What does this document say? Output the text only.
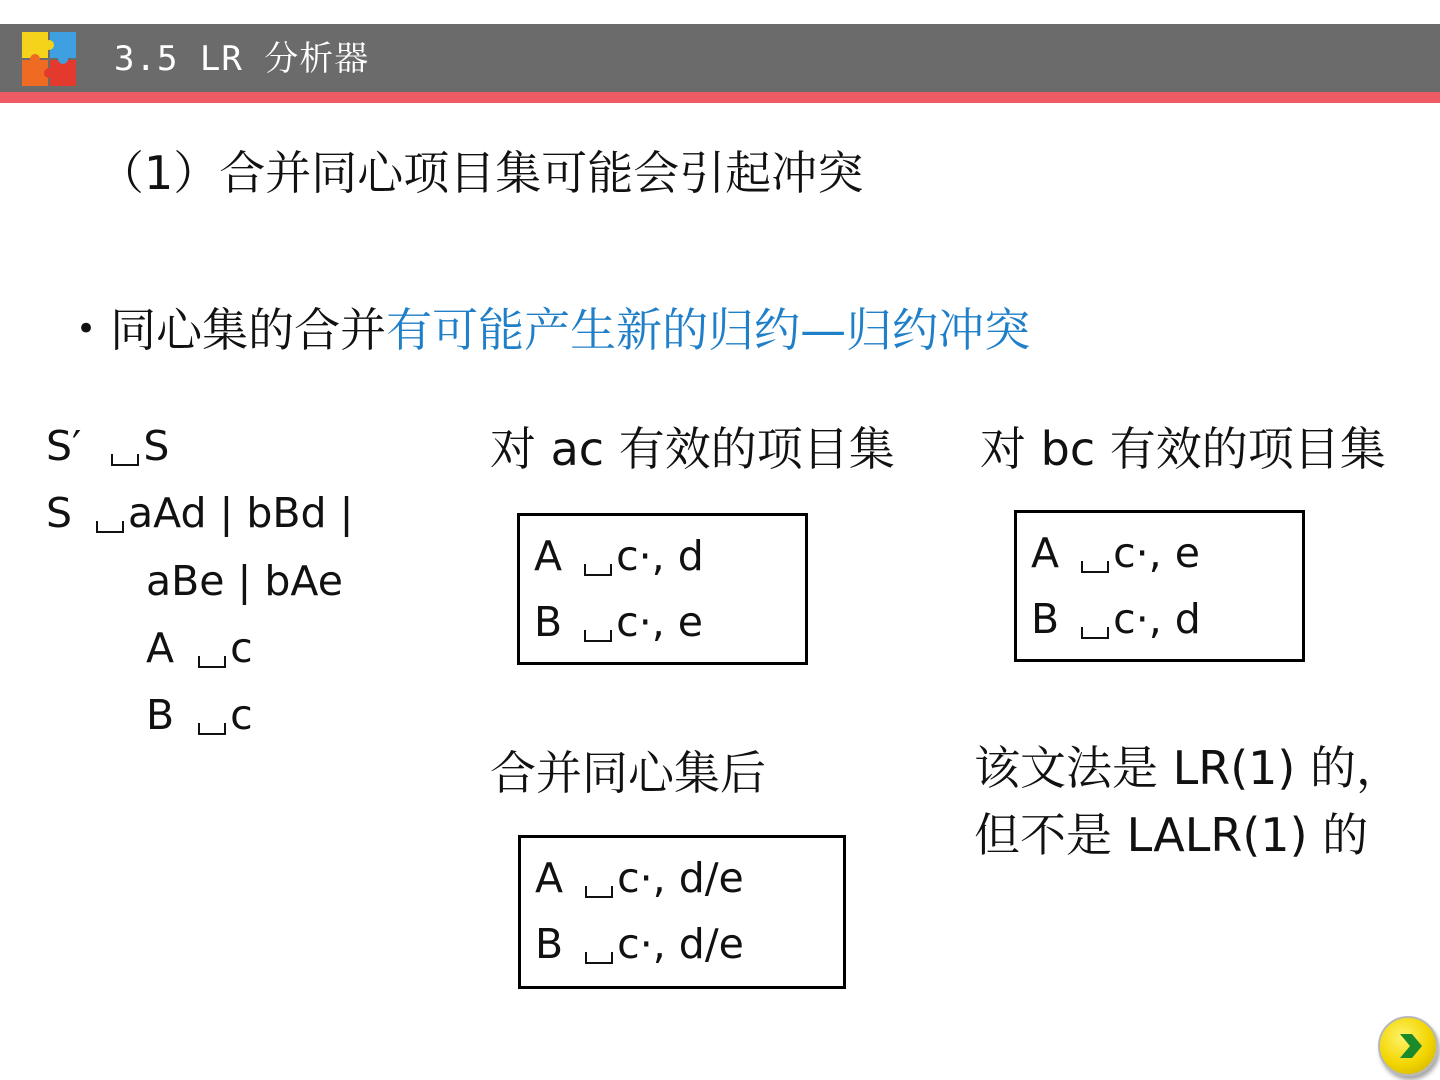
3.5 LR 分析器
（1）合并同心项目集可能会引起冲突
• 同心集的合并有可能产生新的归约—归约冲突
S′ S
S aAd | bBd |
aBe | bAe
A c
B c
对 ac 有效的项目集 对 bc 有效的项目集
合并同心集后	该文法是 LR(1) 的，
但不是 LALR(1) 的
A c·, d
B c·, e
A c·, e
B c·, d
A c·, d/e
B c·, d/e
